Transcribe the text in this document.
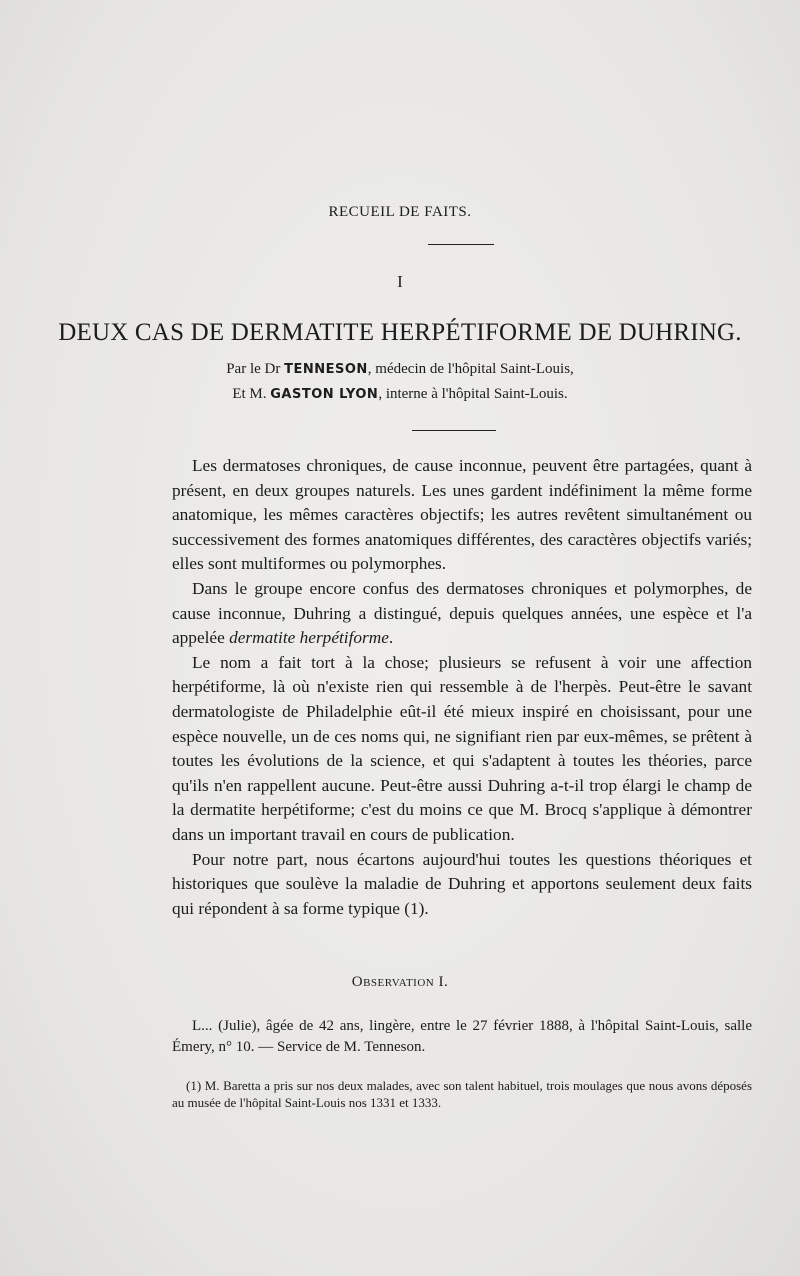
RECUEIL DE FAITS.
I
DEUX CAS DE DERMATITE HERPÉTIFORME DE DUHRING.
Par le Dr TENNESON, médecin de l'hôpital Saint-Louis,
Et M. GASTON LYON, interne à l'hôpital Saint-Louis.

Les dermatoses chroniques, de cause inconnue, peuvent être partagées, quant à présent, en deux groupes naturels. Les unes gardent indéfiniment la même forme anatomique, les mêmes caractères objectifs; les autres revêtent simultanément ou successivement des formes anatomiques différentes, des caractères objectifs variés; elles sont multiformes ou polymorphes.

Dans le groupe encore confus des dermatoses chroniques et polymorphes, de cause inconnue, Duhring a distingué, depuis quelques années, une espèce et l'a appelée dermatite herpétiforme.

Le nom a fait tort à la chose; plusieurs se refusent à voir une affection herpétiforme, là où n'existe rien qui ressemble à de l'herpès. Peut-être le savant dermatologiste de Philadelphie eût-il été mieux inspiré en choisissant, pour une espèce nouvelle, un de ces noms qui, ne signifiant rien par eux-mêmes, se prêtent à toutes les évolutions de la science, et qui s'adaptent à toutes les théories, parce qu'ils n'en rappellent aucune. Peut-être aussi Duhring a-t-il trop élargi le champ de la dermatite herpétiforme; c'est du moins ce que M. Brocq s'applique à démontrer dans un important travail en cours de publication.

Pour notre part, nous écartons aujourd'hui toutes les questions théoriques et historiques que soulève la maladie de Duhring et apportons seulement deux faits qui répondent à sa forme typique (1).

Observation I.
L... (Julie), âgée de 42 ans, lingère, entre le 27 février 1888, à l'hôpital Saint-Louis, salle Émery, n° 10. — Service de M. Tenneson.
(1) M. Baretta a pris sur nos deux malades, avec son talent habituel, trois moulages que nous avons déposés au musée de l'hôpital Saint-Louis nos 1331 et 1333.
